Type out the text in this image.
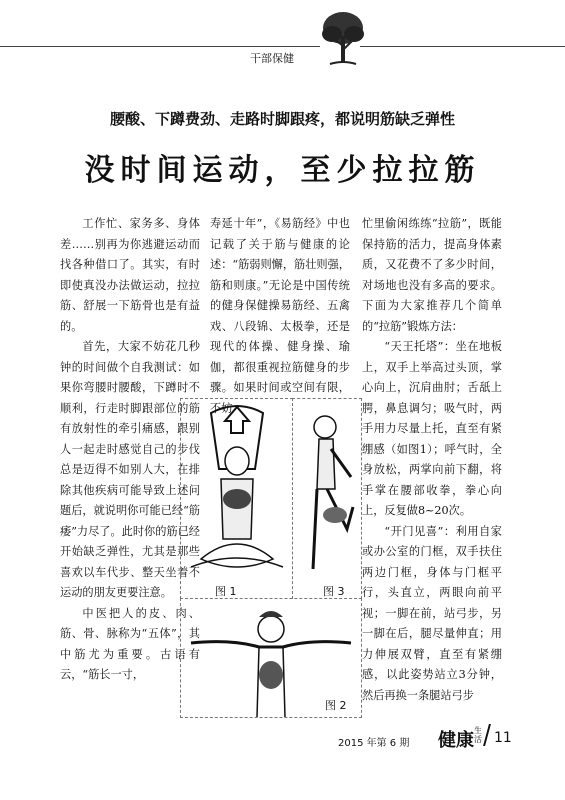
干部保健
腰酸、下蹲费劲、走路时脚跟疼，都说明筋缺乏弹性
没时间运动，至少拉拉筋

工作忙、家务多、身体差……别再为你逃避运动而找各种借口了。其实，有时即使真没办法做运动，拉拉筋、舒展一下筋骨也是有益的。

首先，大家不妨花几秒钟的时间做个自我测试：如果你弯腰时腰酸，下蹲时不顺利，行走时脚跟部位的筋有放射性的牵引痛感，跟别人一起走时感觉自己的步伐总是迈得不如别人大，在排除其他疾病可能导致上述问题后，就说明你可能已经“筋痿”力尽了。此时你的筋已经开始缺乏弹性，尤其是那些喜欢以车代步、整天坐着不运动的朋友更要注意。

中医把人的皮、肉、筋、骨、脉称为“五体”，其中筋尤为重要。古语有云，“筋长一寸，

寿延十年”，《易筋经》中也记载了关于筋与健康的论述：“筋弱则懈，筋壮则强，筋和则康。”无论是中国传统的健身保健操易筋经、五禽戏、八段锦、太极拳，还是现代的体操、健身操、瑜伽，都很重视拉筋健身的步骤。如果时间或空间有限，不妨

忙里偷闲练练“拉筋”，既能保持筋的活力，提高身体素质，又花费不了多少时间，对场地也没有多高的要求。下面为大家推荐几个简单的“拉筋”锻炼方法：

“天王托塔”：坐在地板上，双手上举高过头顶，掌心向上，沉肩曲肘；舌舐上腭，鼻息调匀；吸气时，两手用力尽量上托，直至有紧绷感（如图1）；呼气时，全身放松，两掌向前下翻，将手掌在腰部收拳，拳心向上，反复做8~20次。

“开门见喜”：利用自家或办公室的门框，双手扶住两边门框，身体与门框平行，头直立，两眼向前平视；一脚在前，站弓步，另一脚在后，腿尽量伸直；用力伸展双臂，直至有紧绷感，以此姿势站立3分钟，然后再换一条腿站弓步

图 1	图 3
图 2
2015 年第 6 期 健康 生活 11
